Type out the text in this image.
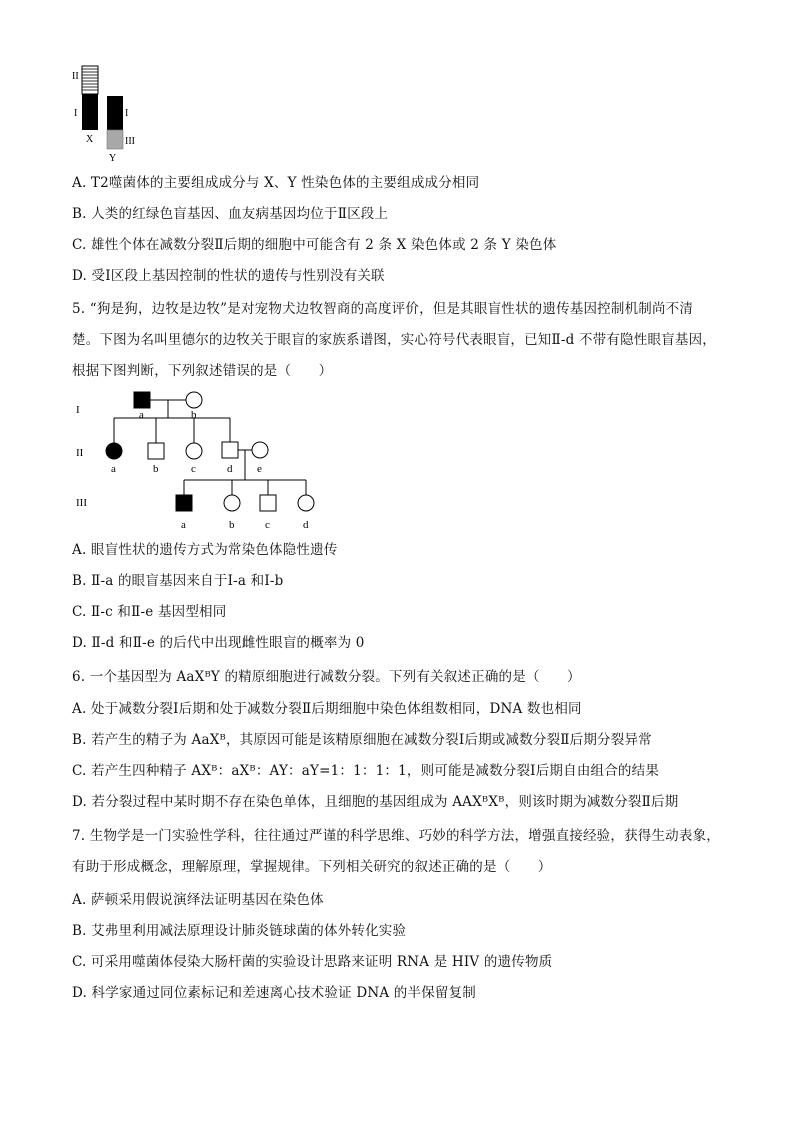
II
I	I
III
X
Y
A. T2噬菌体的主要组成成分与 X、Y 性染色体的主要组成成分相同
B. 人类的红绿色盲基因、血友病基因均位于Ⅱ区段上
C. 雄性个体在减数分裂Ⅱ后期的细胞中可能含有 2 条 X 染色体或 2 条 Y 染色体
D. 受Ⅰ区段上基因控制的性状的遗传与性别没有关联
5. “狗是狗，边牧是边牧”是对宠物犬边牧智商的高度评价，但是其眼盲性状的遗传基因控制机制尚不清
楚。下图为名叫里德尔的边牧关于眼盲的家族系谱图，实心符号代表眼盲，已知Ⅱ-d 不带有隐性眼盲基因，
根据下图判断，下列叙述错误的是（　　）
I
II
III
a	b
a	b	c	d e
a	b	c	d
A. 眼盲性状的遗传方式为常染色体隐性遗传
B. Ⅱ-a 的眼盲基因来自于Ⅰ-a 和Ⅰ-b
C. Ⅱ-c 和Ⅱ-e 基因型相同
D. Ⅱ-d 和Ⅱ-e 的后代中出现雌性眼盲的概率为 0
6. 一个基因型为 AaXᴮY 的精原细胞进行减数分裂。下列有关叙述正确的是（　　）
A. 处于减数分裂Ⅰ后期和处于减数分裂Ⅱ后期细胞中染色体组数相同，DNA 数也相同
B. 若产生的精子为 AaXᴮ，其原因可能是该精原细胞在减数分裂Ⅰ后期或减数分裂Ⅱ后期分裂异常
C. 若产生四种精子 AXᴮ：aXᴮ：AY：aY=1：1：1：1，则可能是减数分裂Ⅰ后期自由组合的结果
D. 若分裂过程中某时期不存在染色单体，且细胞的基因组成为 AAXᴮXᴮ，则该时期为减数分裂Ⅱ后期
7. 生物学是一门实验性学科，往往通过严谨的科学思维、巧妙的科学方法，增强直接经验，获得生动表象，
有助于形成概念，理解原理，掌握规律。下列相关研究的叙述正确的是（　　）
A. 萨顿采用假说演绎法证明基因在染色体
B. 艾弗里利用减法原理设计肺炎链球菌的体外转化实验
C. 可采用噬菌体侵染大肠杆菌的实验设计思路来证明 RNA 是 HIV 的遗传物质
D. 科学家通过同位素标记和差速离心技术验证 DNA 的半保留复制
